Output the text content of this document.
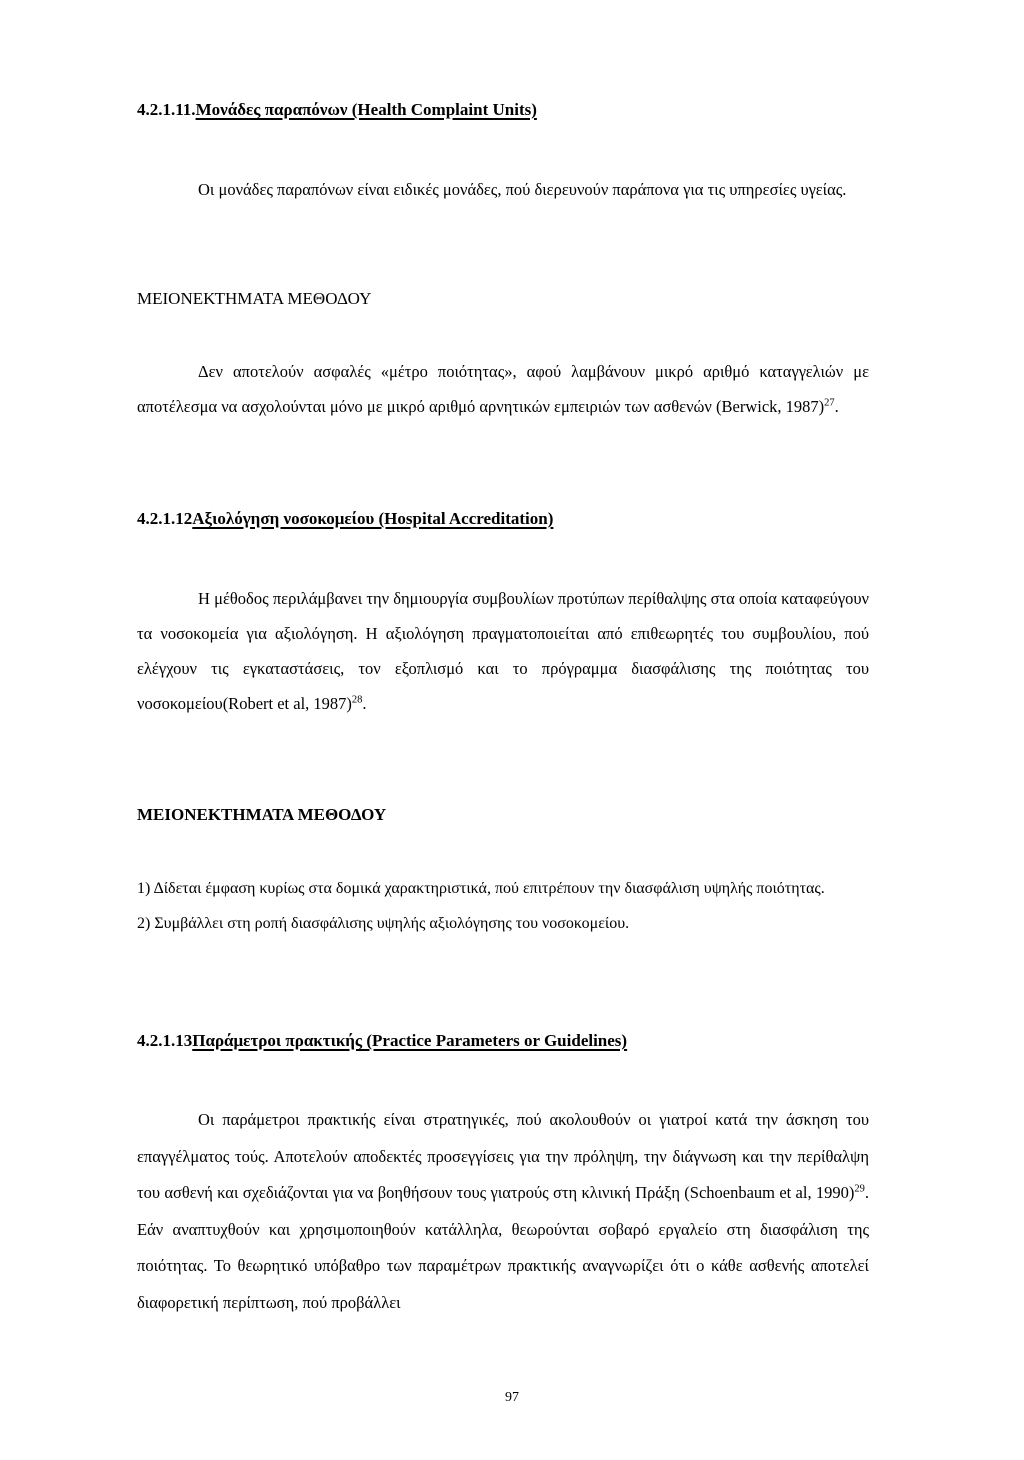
4.2.1.11.Μονάδες παραπόνων (Health Complaint Units)

Οι μονάδες παραπόνων είναι ειδικές μονάδες, πού διερευνούν παράπονα για τις υπηρεσίες υγείας.

ΜΕΙΟΝΕΚΤΗΜΑΤΑ ΜΕΘΟΔΟΥ

Δεν αποτελούν ασφαλές «μέτρο ποιότητας», αφού λαμβάνουν μικρό αριθμό καταγγελιών με αποτέλεσμα να ασχολούνται μόνο με μικρό αριθμό αρνητικών εμπειριών των ασθενών (Berwick, 1987)$^{27}$.

4.2.1.12Αξιολόγηση νοσοκομείου (Hospital Accreditation)

Η μέθοδος περιλάμβανει την δημιουργία συμβουλίων προτύπων περίθαλψης στα οποία καταφεύγουν τα νοσοκομεία για αξιολόγηση. Η αξιολόγηση πραγματοποιείται από επιθεωρητές του συμβουλίου, πού ελέγχουν τις εγκαταστάσεις, τον εξοπλισμό και το πρόγραμμα διασφάλισης της ποιότητας του νοσοκομείου(Robert et al, 1987)$^{28}$.

ΜΕΙΟΝΕΚΤΗΜΑΤΑ ΜΕΘΟΔΟΥ
1) Δίδεται έμφαση κυρίως στα δομικά χαρακτηριστικά, πού επιτρέπουν την διασφάλιση υψηλής ποιότητας.
2) Συμβάλλει στη ροπή διασφάλισης υψηλής αξιολόγησης του νοσοκομείου.
4.2.1.13Παράμετροι πρακτικής (Practice Parameters or Guidelines)

Οι παράμετροι πρακτικής είναι στρατηγικές, πού ακολουθούν οι γιατροί κατά την άσκηση του επαγγέλματος τούς. Αποτελούν αποδεκτές προσεγγίσεις για την πρόληψη, την διάγνωση και την περίθαλψη του ασθενή και σχεδιάζονται για να βοηθήσουν τους γιατρούς στη κλινική Πράξη (Schoenbaum et al, 1990)$^{29}$. Εάν αναπτυχθούν και χρησιμοποιηθούν κατάλληλα, θεωρούνται σοβαρό εργαλείο στη διασφάλιση της ποιότητας. Το θεωρητικό υπόβαθρο των παραμέτρων πρακτικής αναγνωρίζει ότι ο κάθε ασθενής αποτελεί διαφορετική περίπτωση, πού προβάλλει

97
